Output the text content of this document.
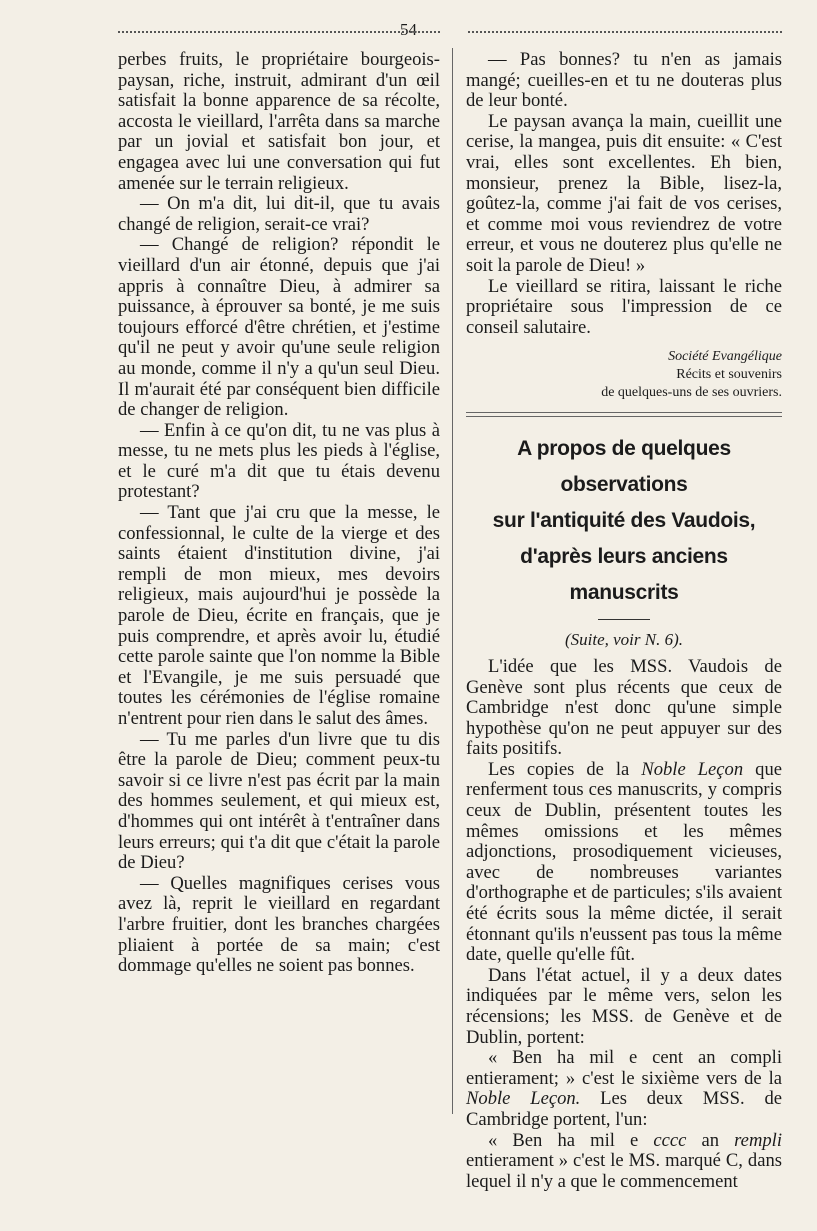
54

perbes fruits, le propriétaire bourgeois-paysan, riche, instruit, admirant d'un œil satisfait la bonne apparence de sa récolte, accosta le vieillard, l'arrêta dans sa marche par un jovial et satisfait bon jour, et engagea avec lui une conversation qui fut amenée sur le terrain religieux.

— On m'a dit, lui dit-il, que tu avais changé de religion, serait-ce vrai?

— Changé de religion? répondit le vieillard d'un air étonné, depuis que j'ai appris à connaître Dieu, à admirer sa puissance, à éprouver sa bonté, je me suis toujours efforcé d'être chrétien, et j'estime qu'il ne peut y avoir qu'une seule religion au monde, comme il n'y a qu'un seul Dieu. Il m'aurait été par conséquent bien difficile de changer de religion.

— Enfin à ce qu'on dit, tu ne vas plus à messe, tu ne mets plus les pieds à l'église, et le curé m'a dit que tu étais devenu protestant?

— Tant que j'ai cru que la messe, le confessionnal, le culte de la vierge et des saints étaient d'institution divine, j'ai rempli de mon mieux, mes devoirs religieux, mais aujourd'hui je possède la parole de Dieu, écrite en français, que je puis comprendre, et après avoir lu, étudié cette parole sainte que l'on nomme la Bible et l'Evangile, je me suis persuadé que toutes les cérémonies de l'église romaine n'entrent pour rien dans le salut des âmes.

— Tu me parles d'un livre que tu dis être la parole de Dieu; comment peux-tu savoir si ce livre n'est pas écrit par la main des hommes seulement, et qui mieux est, d'hommes qui ont intérêt à t'entraîner dans leurs erreurs; qui t'a dit que c'était la parole de Dieu?

— Quelles magnifiques cerises vous avez là, reprit le vieillard en regardant l'arbre fruitier, dont les branches chargées pliaient à portée de sa main; c'est dommage qu'elles ne soient pas bonnes.

— Pas bonnes? tu n'en as jamais mangé; cueilles-en et tu ne douteras plus de leur bonté.

Le paysan avança la main, cueillit une cerise, la mangea, puis dit ensuite: « C'est vrai, elles sont excellentes. Eh bien, monsieur, prenez la Bible, lisez-la, goûtez-la, comme j'ai fait de vos cerises, et comme moi vous reviendrez de votre erreur, et vous ne douterez plus qu'elle ne soit la parole de Dieu! »

Le vieillard se ritira, laissant le riche propriétaire sous l'impression de ce conseil salutaire.

Société Evangélique
Récits et souvenirs
de quelques-uns de ses ouvriers.
A propos de quelques observations
sur l'antiquité des Vaudois,
d'après leurs anciens manuscrits
(Suite, voir N. 6).

L'idée que les MSS. Vaudois de Genève sont plus récents que ceux de Cambridge n'est donc qu'une simple hypothèse qu'on ne peut appuyer sur des faits positifs.

Les copies de la Noble Leçon que renferment tous ces manuscrits, y compris ceux de Dublin, présentent toutes les mêmes omissions et les mêmes adjonctions, prosodiquement vicieuses, avec de nombreuses variantes d'orthographe et de particules; s'ils avaient été écrits sous la même dictée, il serait étonnant qu'ils n'eussent pas tous la même date, quelle qu'elle fût.

Dans l'état actuel, il y a deux dates indiquées par le même vers, selon les récensions; les MSS. de Genève et de Dublin, portent:

« Ben ha mil e cent an compli entierament; » c'est le sixième vers de la Noble Leçon. Les deux MSS. de Cambridge portent, l'un:

« Ben ha mil e cccc an rempli entierament » c'est le MS. marqué C, dans lequel il n'y a que le commencement
